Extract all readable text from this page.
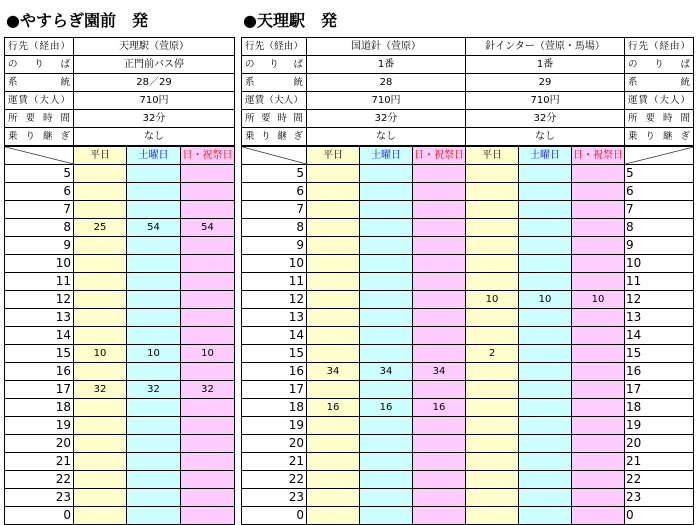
●やすらぎ園前　発	●天理駅　発
行先（経由）	天理駅（萱原）		
の　り　ば	正門前バス停		
系　　　統	28／29		
運賃（大人）	710円		
所 要 時 間	32分		
乗 り 継 ぎ	なし		
	平日	土曜日	日・祝祭日
5			
6			
7			
8	25	54	54
9			
10			
11			
12			
13			
14			
15	10	10	10
16			
17	32	32	32
18			
19			
20			
21			
22			
23			
0			
行先（経由）	国道針（萱原）			針インター（萱原・馬場）			行先（経由）
の　り　ば	1番			1番			の　り　ば
系　　　統	28			29			系　　　統
運賃（大人）	710円			710円			運賃（大人）
所 要 時 間	32分			32分			所 要 時 間
乗 り 継 ぎ	なし			なし			乗 り 継 ぎ
	平日	土曜日	日・祝祭日	平日	土曜日	日・祝祭日	
5							5
6							6
7							7
8							8
9							9
10							10
11							11
12				10	10	10	12
13							13
14							14
15				2			15
16	34	34	34				16
17							17
18	16	16	16				18
19							19
20							20
21							21
22							22
23							23
0							0
